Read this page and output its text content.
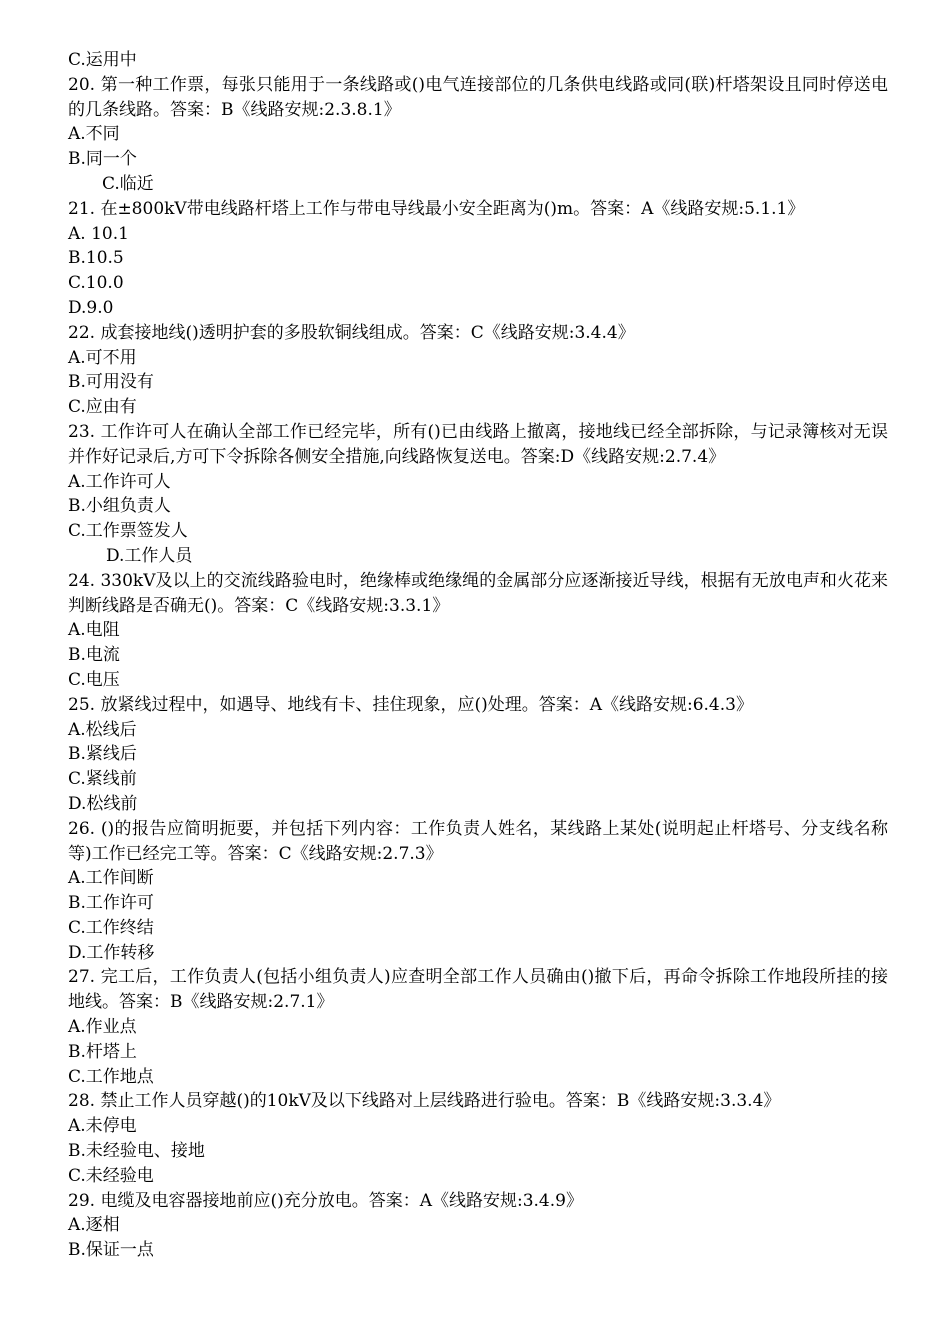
C.运用中

20. 第一种工作票，每张只能用于一条线路或()电气连接部位的几条供电线路或同(联)杆塔架设且同时停送电的几条线路。答案：B《线路安规:2.3.8.1》

A.不同

B.同一个

C.临近

21. 在±800kV带电线路杆塔上工作与带电导线最小安全距离为()m。答案：A《线路安规:5.1.1》

A. 10.1

B.10.5

C.10.0

D.9.0

22. 成套接地线()透明护套的多股软铜线组成。答案：C《线路安规:3.4.4》

A.可不用

B.可用没有

C.应由有

23. 工作许可人在确认全部工作已经完毕，所有()已由线路上撤离，接地线已经全部拆除，与记录簿核对无误并作好记录后,方可下令拆除各侧安全措施,向线路恢复送电。答案:D《线路安规:2.7.4》

A.工作许可人

B.小组负责人

C.工作票签发人

D.工作人员

24. 330kV及以上的交流线路验电时，绝缘棒或绝缘绳的金属部分应逐渐接近导线，根据有无放电声和火花来判断线路是否确无()。答案：C《线路安规:3.3.1》

A.电阻

B.电流

C.电压

25. 放紧线过程中，如遇导、地线有卡、挂住现象，应()处理。答案：A《线路安规:6.4.3》

A.松线后

B.紧线后

C.紧线前

D.松线前

26. ()的报告应简明扼要，并包括下列内容：工作负责人姓名，某线路上某处(说明起止杆塔号、分支线名称等)工作已经完工等。答案：C《线路安规:2.7.3》

A.工作间断

B.工作许可

C.工作终结

D.工作转移

27. 完工后，工作负责人(包括小组负责人)应查明全部工作人员确由()撤下后，再命令拆除工作地段所挂的接地线。答案：B《线路安规:2.7.1》

A.作业点

B.杆塔上

C.工作地点

28. 禁止工作人员穿越()的10kV及以下线路对上层线路进行验电。答案：B《线路安规:3.3.4》

A.未停电

B.未经验电、接地

C.未经验电

29. 电缆及电容器接地前应()充分放电。答案：A《线路安规:3.4.9》

A.逐相

B.保证一点
